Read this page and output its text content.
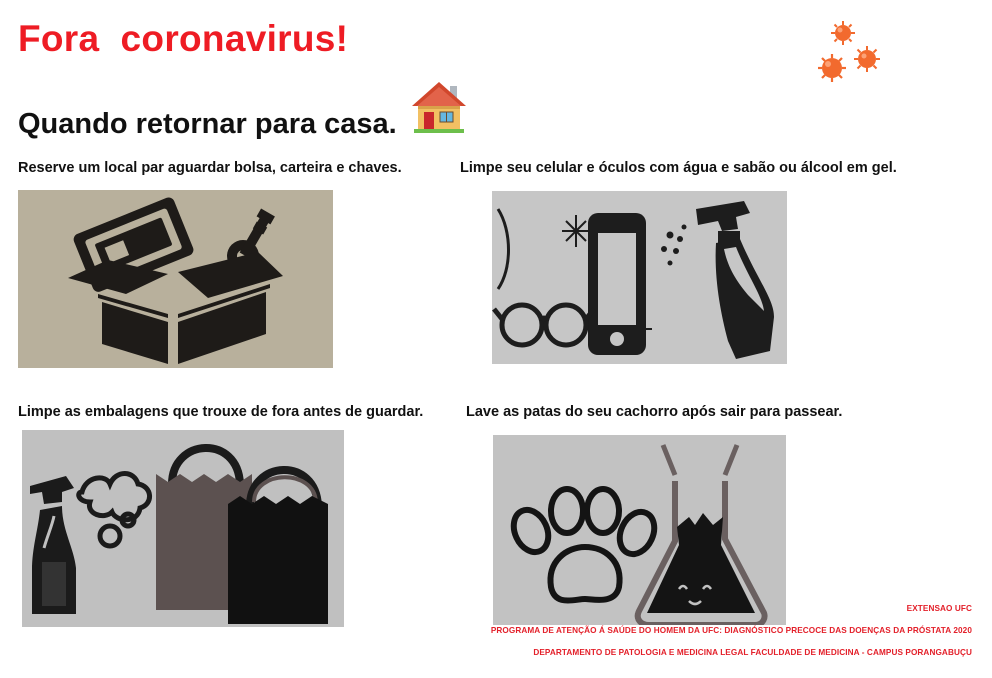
Fora  coronavirus!
Quando retornar para casa.
Reserve um local par aguardar bolsa, carteira e chaves.	Limpe seu celular e óculos com água e sabão ou álcool em gel.
Limpe as embalagens que trouxe de fora antes de guardar.	Lave as patas do seu cachorro após sair para passear.
EXTENSAO UFC
PROGRAMA DE ATENÇÃO Á SAÚDE DO HOMEM DA UFC: DIAGNÓSTICO PRECOCE DAS DOENÇAS DA PRÓSTATA 2020
DEPARTAMENTO DE PATOLOGIA E MEDICINA LEGAL FACULDADE DE MEDICINA - CAMPUS PORANGABUÇU
